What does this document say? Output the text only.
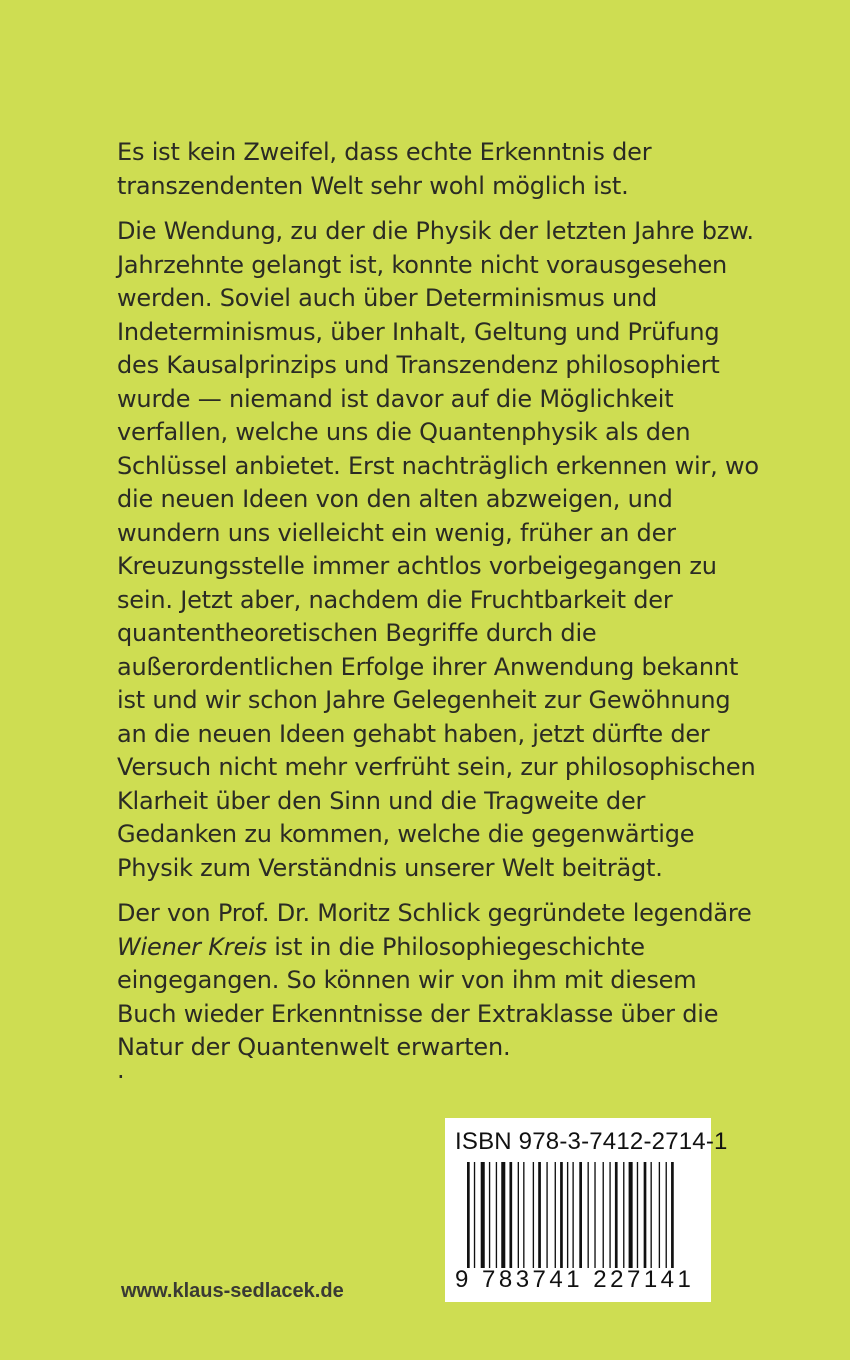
Es ist kein Zweifel, dass echte Erkenntnis der
transzendenten Welt sehr wohl möglich ist.

Die Wendung, zu der die Physik der letzten Jahre bzw.
Jahrzehnte gelangt ist, konnte nicht vorausgesehen
werden. Soviel auch über Determinismus und
Indeterminismus, über Inhalt, Geltung und Prüfung
des Kausalprinzips und Transzendenz philosophiert
wurde — niemand ist davor auf die Möglichkeit
verfallen, welche uns die Quantenphysik als den
Schlüssel anbietet. Erst nachträglich erkennen wir, wo
die neuen Ideen von den alten abzweigen, und
wundern uns vielleicht ein wenig, früher an der
Kreuzungsstelle immer achtlos vorbeigegangen zu
sein. Jetzt aber, nachdem die Fruchtbarkeit der
quantentheoretischen Begriffe durch die
außerordentlichen Erfolge ihrer Anwendung bekannt
ist und wir schon Jahre Gelegenheit zur Gewöhnung
an die neuen Ideen gehabt haben, jetzt dürfte der
Versuch nicht mehr verfrüht sein, zur philosophischen
Klarheit über den Sinn und die Tragweite der
Gedanken zu kommen, welche die gegenwärtige
Physik zum Verständnis unserer Welt beiträgt.

Der von Prof. Dr. Moritz Schlick gegründete legendäre
Wiener Kreis ist in die Philosophiegeschichte
eingegangen. So können wir von ihm mit diesem
Buch wieder Erkenntnisse der Extraklasse über die
Natur der Quantenwelt erwarten.

.
ISBN 978-3-7412-2714-1
9 783741 227141
www.klaus-sedlacek.de
